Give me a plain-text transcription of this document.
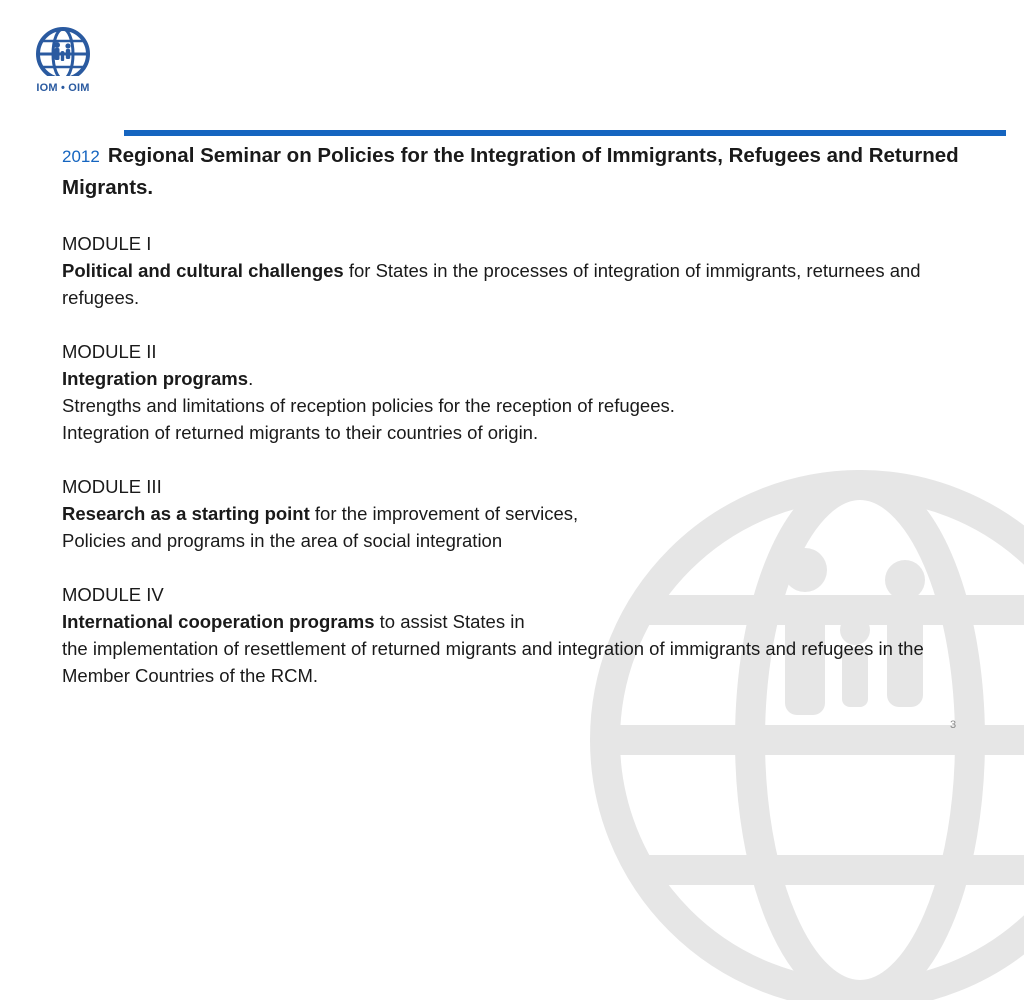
IOM • OIM

2012 Regional Seminar on Policies for the Integration of Immigrants, Refugees and Returned Migrants.

MODULE I
Political and cultural challenges for States in the processes of integration of immigrants, returnees and refugees.
MODULE II
Integration programs.
Strengths and limitations of reception policies for the reception of refugees.
Integration of returned migrants to their countries of origin.
MODULE III
Research as a starting point for the improvement of services,
Policies and programs in the area of social integration
MODULE IV
International cooperation programs to assist States in
the implementation of resettlement of returned migrants and integration of immigrants and refugees in the Member Countries of the RCM.
3
